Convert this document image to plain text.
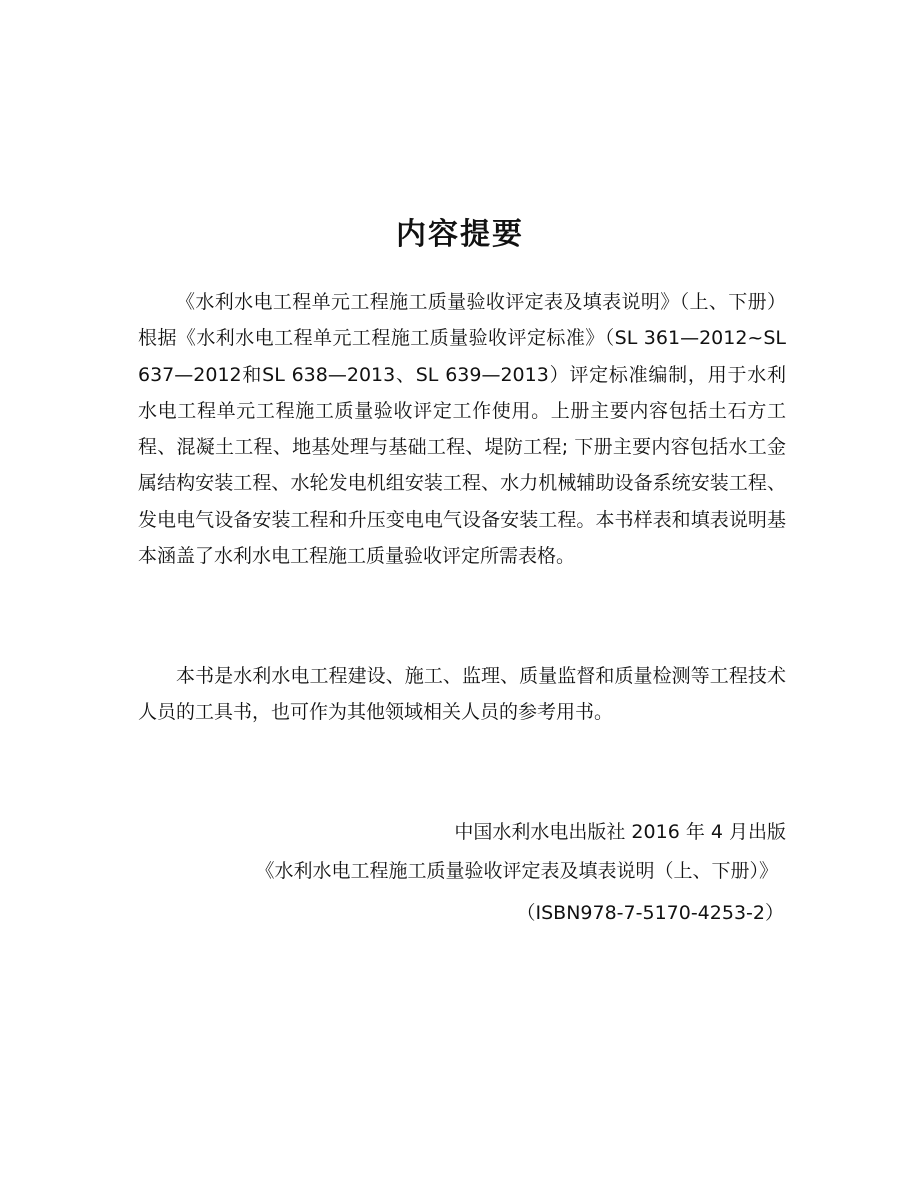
内容提要

《水利水电工程单元工程施工质量验收评定表及填表说明》（上、下册）根据《水利水电工程单元工程施工质量验收评定标准》（SL 361—2012~SL 637—2012和SL 638—2013、SL 639—2013）评定标准编制，用于水利水电工程单元工程施工质量验收评定工作使用。上册主要内容包括土石方工程、混凝土工程、地基处理与基础工程、堤防工程; 下册主要内容包括水工金属结构安装工程、水轮发电机组安装工程、水力机械辅助设备系统安装工程、发电电气设备安装工程和升压变电电气设备安装工程。本书样表和填表说明基本涵盖了水利水电工程施工质量验收评定所需表格。

本书是水利水电工程建设、施工、监理、质量监督和质量检测等工程技术人员的工具书，也可作为其他领域相关人员的参考用书。

中国水利水电出版社 2016 年 4 月出版
《水利水电工程施工质量验收评定表及填表说明（上、下册）》
（ISBN978-7-5170-4253-2）
